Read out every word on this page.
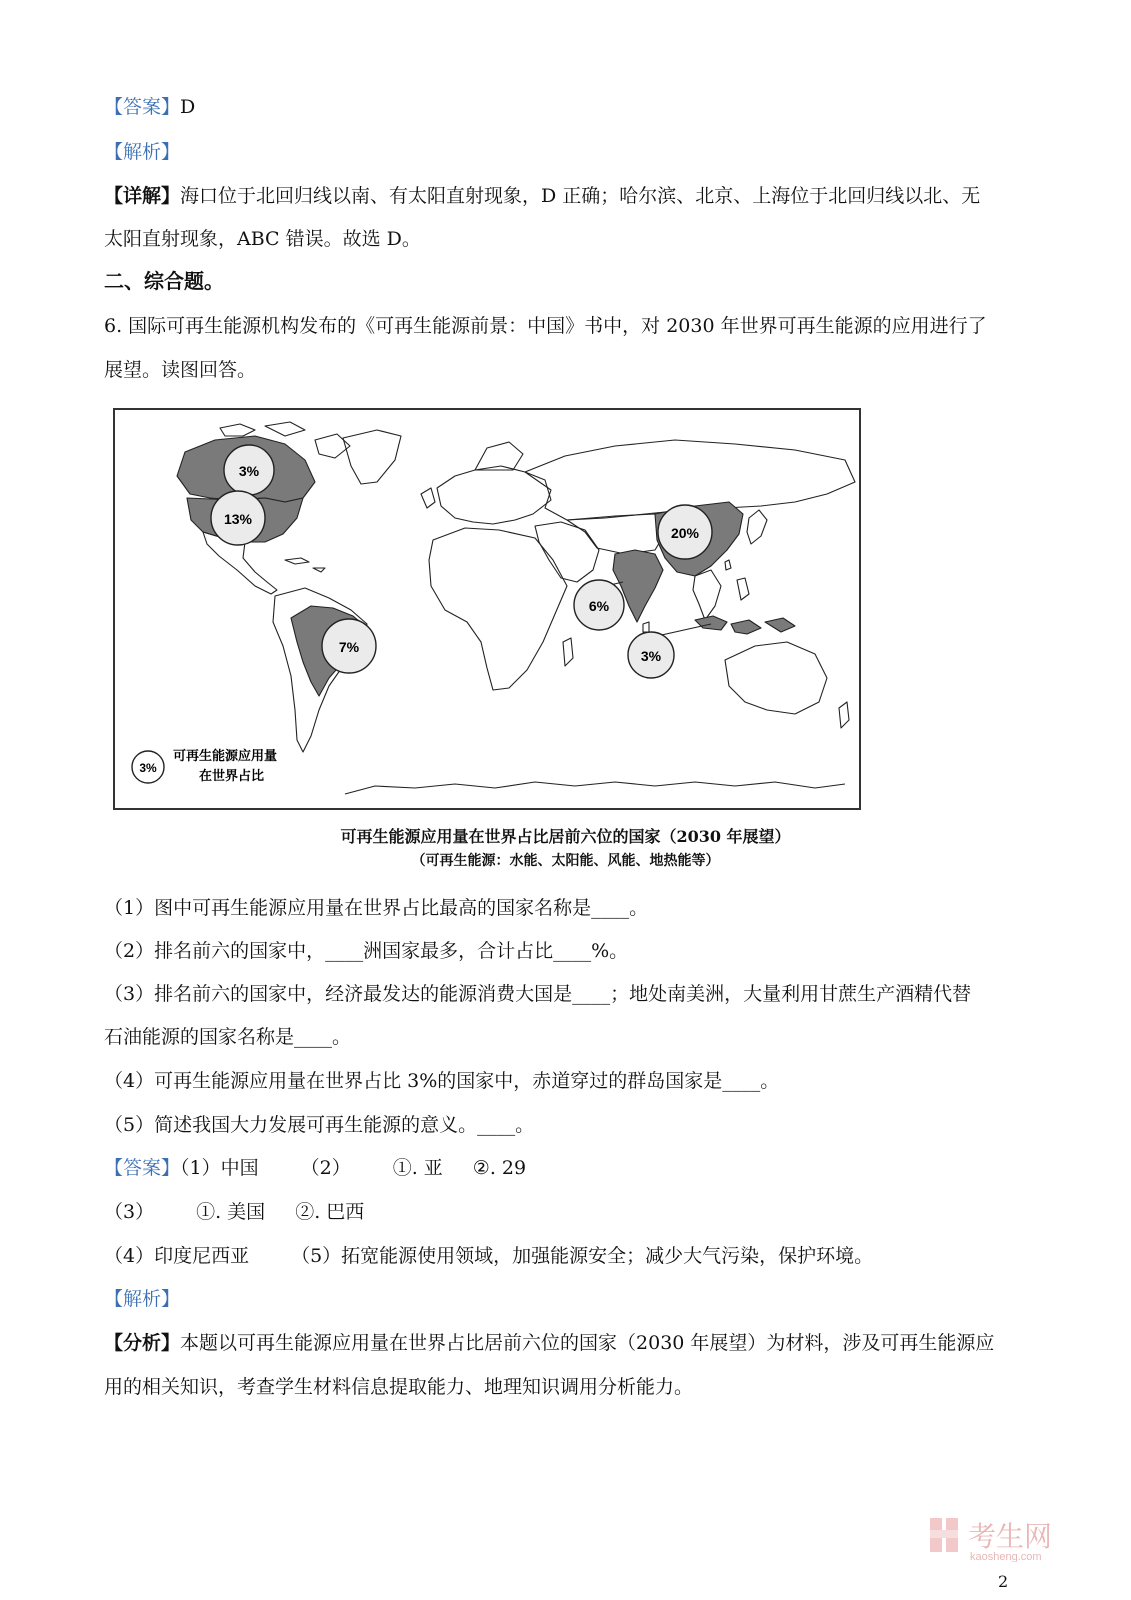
【答案】D
【解析】
【详解】海口位于北回归线以南、有太阳直射现象，D 正确；哈尔滨、北京、上海位于北回归线以北、无
太阳直射现象，ABC 错误。故选 D。
二、综合题。
6. 国际可再生能源机构发布的《可再生能源前景：中国》书中，对 2030 年世界可再生能源的应用进行了
展望。读图回答。
3%
13%
7%
6%
3%
20%
3%
可再生能源应用量
在世界占比
可再生能源应用量在世界占比居前六位的国家（2030 年展望）
（可再生能源：水能、太阳能、风能、地热能等）
（1）图中可再生能源应用量在世界占比最高的国家名称是____。
（2）排名前六的国家中，____洲国家最多，合计占比____%。
（3）排名前六的国家中，经济最发达的能源消费大国是____；地处南美洲，大量利用甘蔗生产酒精代替
石油能源的国家名称是____。
（4）可再生能源应用量在世界占比 3%的国家中，赤道穿过的群岛国家是____。
（5）简述我国大力发展可再生能源的意义。____。
【答案】（1）中国 （2） ①. 亚 ②. 29
（3） ①. 美国 ②. 巴西
（4）印度尼西亚 （5）拓宽能源使用领域，加强能源安全；减少大气污染，保护环境。
【解析】
【分析】本题以可再生能源应用量在世界占比居前六位的国家（2030 年展望）为材料，涉及可再生能源应
用的相关知识，考查学生材料信息提取能力、地理知识调用分析能力。
考生网
kaosheng.com
2
